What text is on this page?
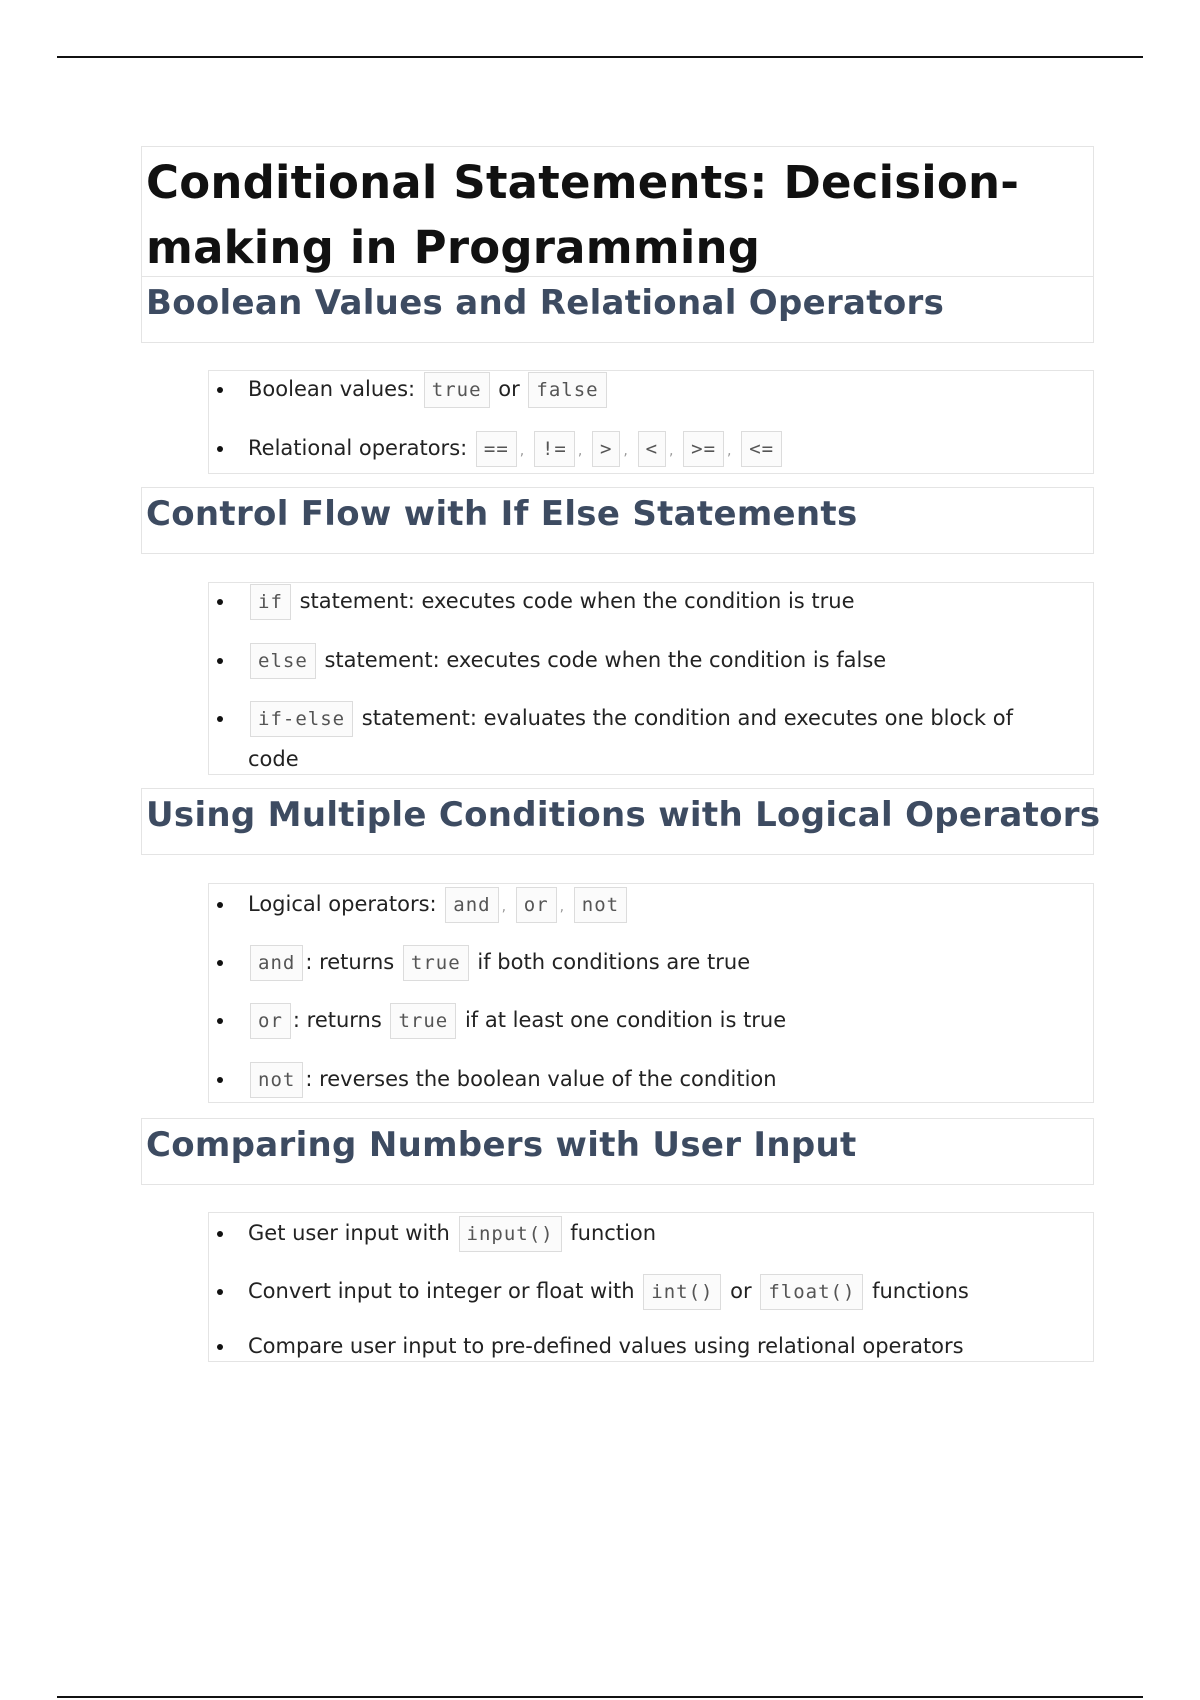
Conditional Statements: Decision-making in Programming
Boolean Values and Relational Operators
Boolean values: true or false
Relational operators: == , != , > , < , >= , <=
Control Flow with If Else Statements
if statement: executes code when the condition is true
else statement: executes code when the condition is false
if-else statement: evaluates the condition and executes one block of code
Using Multiple Conditions with Logical Operators
Logical operators: and , or , not
and : returns true if both conditions are true
or : returns true if at least one condition is true
not : reverses the boolean value of the condition
Comparing Numbers with User Input
Get user input with input() function
Convert input to integer or float with int() or float() functions
Compare user input to pre-defined values using relational operators
